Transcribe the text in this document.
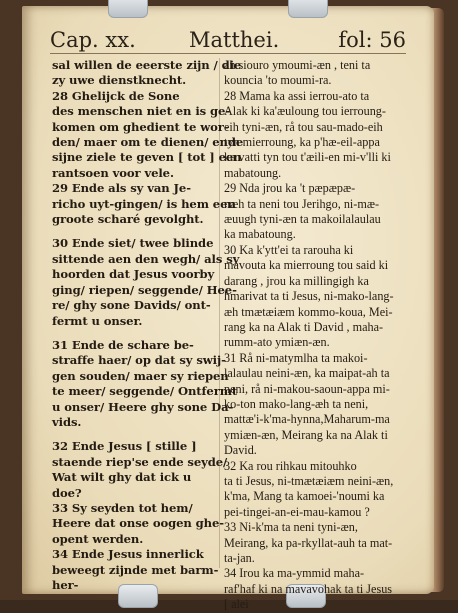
Cap. xx.	Matthei.	fol: 56
sal willen de eeerste zijn / die
zy uwe dienstknecht.
28 Ghelijck de Sone
des menschen niet en is ge-
komen om ghedient te wor-
den/ maer om te dienen/ ende
sijne ziele te geven [ tot ] een
rantsoen voor vele.
29 Ende als sy van Je-
richo uyt-gingen/ is hem een
groote scharé gevolght.
30 Ende siet/ twee blinde
sittende aen den wegh/ als sy
hoorden dat Jesus voorby
ging/ riepen/ seggende/ Hee-
re/ ghy sone Davids/ ont-
fermt u onser.
31 Ende de schare be-
straffe haer/ op dat sy swij-
gen souden/ maer sy riepen
te meer/ seggende/ Ontfermt
u onser/ Heere ghy sone Da-
vids.
32 Ende Jesus [ stille ]
staende riep'se ende seyde/
Wat wilt ghy dat ick u
doe?
33 Sy seyden tot hem/
Heere dat onse oogen ghe-
opent werden.
34 Ende Jesus innerlick
beweegt zijnde met barm-
her-
ah siouro ymoumi-æn , teni ta
kouncia 'to moumi-ra.
28 Mama ka assi ierrou-ato ta
Alak ki ka'æuloung tou ierroung-
eih tyni-æn, rå tou sau-mado-eih
tyn mierroung, ka p'hæ-eil-appa
ka vatti tyn tou t'æili-en mi-v'lli ki
mabatoung.
29 Nda jrou ka 't pæpæpæ-
næh ta neni tou Jerihgo, ni-mæ-
æuugh tyni-æn ta makoilalaulau
ka mabatoung.
30 Ka k'ytt'ei ta rarouha ki
mavouta ka mierroung tou said ki
darang , jrou ka millingigh ka
hmarivat ta ti Jesus, ni-mako-lang-
æh tmætæiæm kommo-koua, Mei-
rang ka na Alak ti David , maha-
rumm-ato ymiæn-æn.
31 Rå ni-matymlha ta makoi-
lalaulau neini-æn, ka maipat-ah ta
neni, rå ni-makou-saoun-appa mi-
ko-ton mako-lang-æh ta neni,
mattæ'i-k'ma-hynna,Maharum-ma
ymiæn-æn, Meirang ka na Alak ti
David.
32 Ka rou rihkau mitouhko
ta ti Jesus, ni-tmætæiæm neini-æn,
k'ma, Mang ta kamoei-'noumi ka
pei-tingei-an-ei-mau-kamou ?
33 Ni-k'ma ta neni tyni-æn,
Meirang, ka pa-rkyllat-auh ta mat-
ta-jan.
34 Irou ka ma-ymmid maha-
raf'haf ki na mavavohak ta ti Jesus
[ alei
